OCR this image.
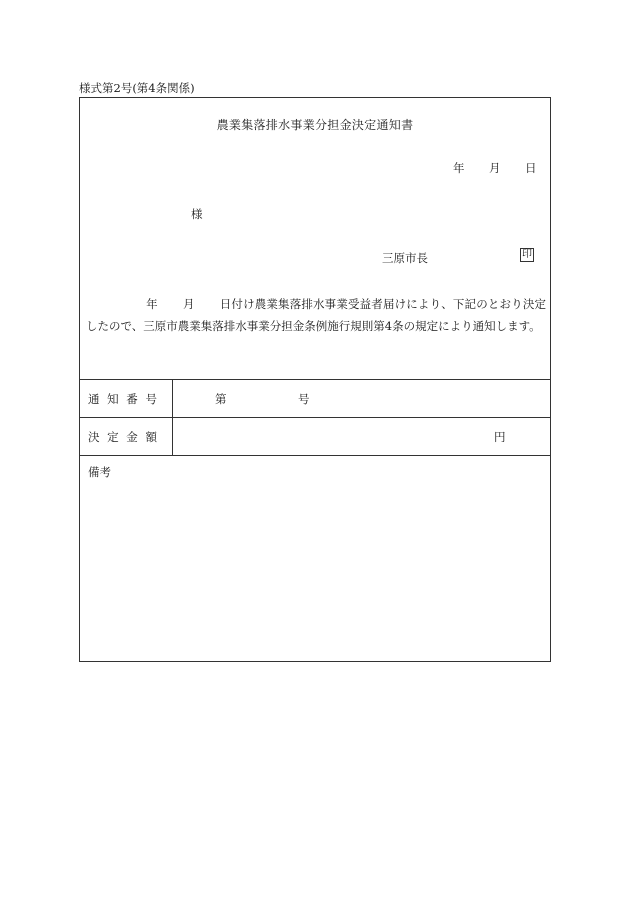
様式第2号(第4条関係)
農業集落排水事業分担金決定通知書
年 月 日
様
三原市長	印

年 月 日付け農業集落排水事業受益者届けにより、下記のとおり決定したので、三原市農業集落排水事業分担金条例施行規則第4条の規定により通知します。

通 知 番 号	第	号
決 定 金 額	円
備考
